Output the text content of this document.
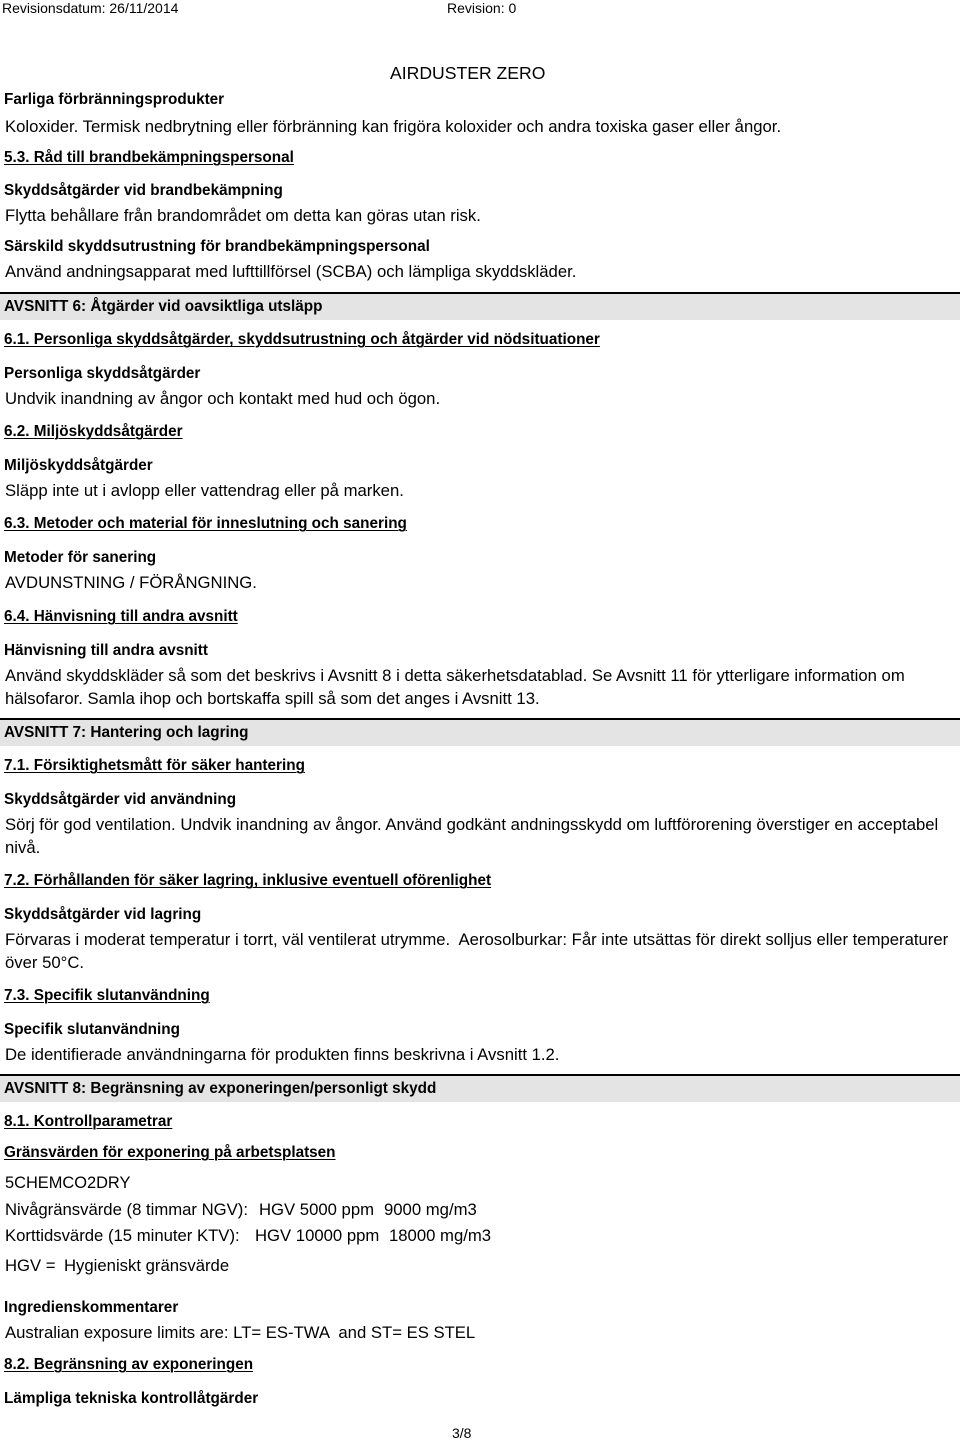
Revisionsdatum: 26/11/2014	Revision: 0
AIRDUSTER ZERO
Farliga förbränningsprodukter
Koloxider. Termisk nedbrytning eller förbränning kan frigöra koloxider och andra toxiska gaser eller ångor.
5.3. Råd till brandbekämpningspersonal
Skyddsåtgärder vid brandbekämpning
Flytta behållare från brandområdet om detta kan göras utan risk.
Särskild skyddsutrustning för brandbekämpningspersonal
Använd andningsapparat med lufttillförsel (SCBA) och lämpliga skyddskläder.
AVSNITT 6: Åtgärder vid oavsiktliga utsläpp
6.1. Personliga skyddsåtgärder, skyddsutrustning och åtgärder vid nödsituationer
Personliga skyddsåtgärder
Undvik inandning av ångor och kontakt med hud och ögon.
6.2. Miljöskyddsåtgärder
Miljöskyddsåtgärder
Släpp inte ut i avlopp eller vattendrag eller på marken.
6.3. Metoder och material för inneslutning och sanering
Metoder för sanering
AVDUNSTNING / FÖRÅNGNING.
6.4. Hänvisning till andra avsnitt
Hänvisning till andra avsnitt
Använd skyddskläder så som det beskrivs i Avsnitt 8 i detta säkerhetsdatablad. Se Avsnitt 11 för ytterligare information om
hälsofaror. Samla ihop och bortskaffa spill så som det anges i Avsnitt 13.
AVSNITT 7: Hantering och lagring
7.1. Försiktighetsmått för säker hantering
Skyddsåtgärder vid användning
Sörj för god ventilation. Undvik inandning av ångor. Använd godkänt andningsskydd om luftförorening överstiger en acceptabel
nivå.
7.2. Förhållanden för säker lagring, inklusive eventuell oförenlighet
Skyddsåtgärder vid lagring
Förvaras i moderat temperatur i torrt, väl ventilerat utrymme.  Aerosolburkar: Får inte utsättas för direkt solljus eller temperaturer
över 50°C.
7.3. Specifik slutanvändning
Specifik slutanvändning
De identifierade användningarna för produkten finns beskrivna i Avsnitt 1.2.
AVSNITT 8: Begränsning av exponeringen/personligt skydd
8.1. Kontrollparametrar
Gränsvärden för exponering på arbetsplatsen
5CHEMCO2DRY
Nivågränsvärde (8 timmar NGV): HGV 5000 ppm 9000 mg/m3
Korttidsvärde (15 minuter KTV): HGV 10000 ppm 18000 mg/m3
HGV = Hygieniskt gränsvärde
Ingredienskommentarer
Australian exposure limits are: LT= ES-TWA  and ST= ES STEL
8.2. Begränsning av exponeringen
Lämpliga tekniska kontrollåtgärder
3/8
